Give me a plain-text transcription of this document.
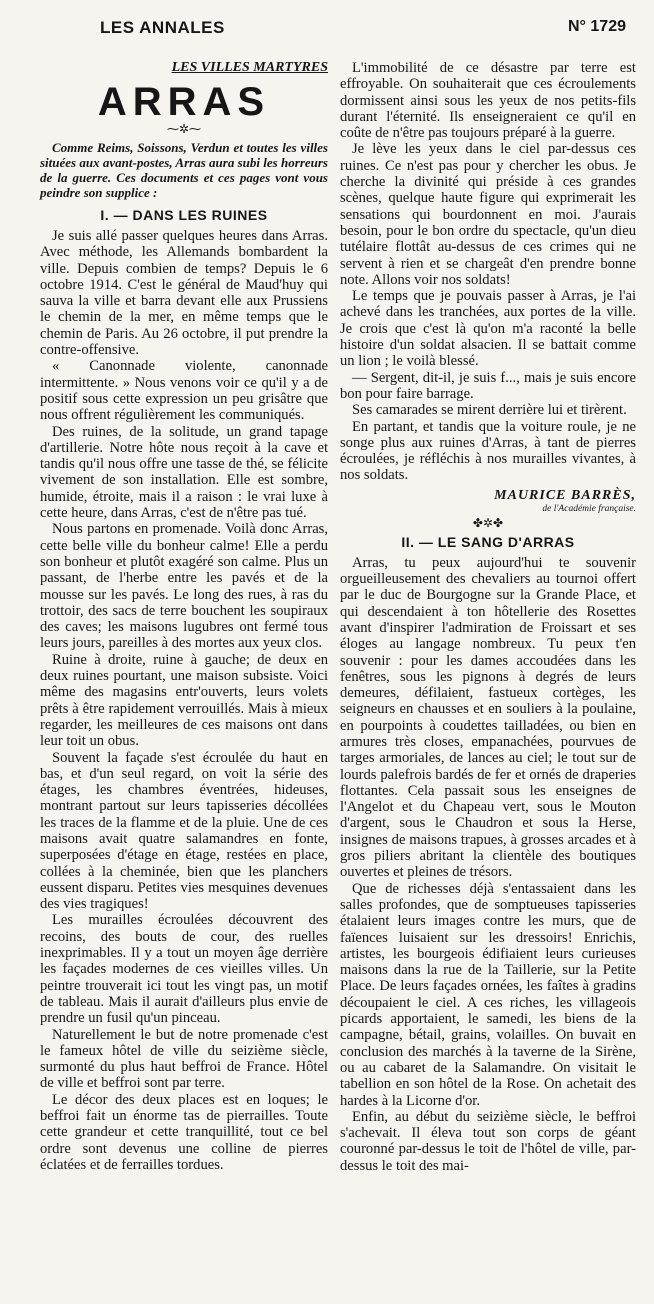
LES ANNALES	N° 1729

LES VILLES MARTYRES

ARRAS

⁓✲⁓

Comme Reims, Soissons, Verdun et toutes les villes situées aux avant-postes, Arras aura subi les horreurs de la guerre. Ces documents et ces pages vont vous peindre son supplice :

I. — DANS LES RUINES

Je suis allé passer quelques heures dans Arras. Avec méthode, les Allemands bombardent la ville. Depuis combien de temps? Depuis le 6 octobre 1914. C'est le général de Maud'huy qui sauva la ville et barra devant elle aux Prussiens le chemin de la mer, en même temps que le chemin de Paris. Au 26 octobre, il put prendre la contre-offensive.

« Canonnade violente, canonnade intermittente. » Nous venons voir ce qu'il y a de positif sous cette expression un peu grisâtre que nous offrent régulièrement les communiqués.

Des ruines, de la solitude, un grand tapage d'artillerie. Notre hôte nous reçoit à la cave et tandis qu'il nous offre une tasse de thé, se félicite vivement de son installation. Elle est sombre, humide, étroite, mais il a raison : le vrai luxe à cette heure, dans Arras, c'est de n'être pas tué.

Nous partons en promenade. Voilà donc Arras, cette belle ville du bonheur calme! Elle a perdu son bonheur et plutôt exagéré son calme. Plus un passant, de l'herbe entre les pavés et de la mousse sur les pavés. Le long des rues, à ras du trottoir, des sacs de terre bouchent les soupiraux des caves; les maisons lugubres ont fermé tous leurs jours, pareilles à des mortes aux yeux clos.

Ruine à droite, ruine à gauche; de deux en deux ruines pourtant, une maison subsiste. Voici même des magasins entr'ouverts, leurs volets prêts à être rapidement verrouillés. Mais à mieux regarder, les meilleures de ces maisons ont dans leur toit un obus.

Souvent la façade s'est écroulée du haut en bas, et d'un seul regard, on voit la série des étages, les chambres éventrées, hideuses, montrant partout sur leurs tapisseries décollées les traces de la flamme et de la pluie. Une de ces maisons avait quatre salamandres en fonte, superposées d'étage en étage, restées en place, collées à la cheminée, bien que les planchers eussent disparu. Petites vies mesquines devenues des vies tragiques!

Les murailles écroulées découvrent des recoins, des bouts de cour, des ruelles inexprimables. Il y a tout un moyen âge derrière les façades modernes de ces vieilles villes. Un peintre trouverait ici tout les vingt pas, un motif de tableau. Mais il aurait d'ailleurs plus envie de prendre un fusil qu'un pinceau.

Naturellement le but de notre promenade c'est le fameux hôtel de ville du seizième siècle, surmonté du plus haut beffroi de France. Hôtel de ville et beffroi sont par terre.

Le décor des deux places est en loques; le beffroi fait un énorme tas de pierrailles. Toute cette grandeur et cette tranquillité, tout ce bel ordre sont devenus une colline de pierres éclatées et de ferrailles tordues.

L'immobilité de ce désastre par terre est effroyable. On souhaiterait que ces écroulements dormissent ainsi sous les yeux de nos petits-fils durant l'éternité. Ils enseigneraient ce qu'il en coûte de n'être pas toujours préparé à la guerre.

Je lève les yeux dans le ciel par-dessus ces ruines. Ce n'est pas pour y chercher les obus. Je cherche la divinité qui préside à ces grandes scènes, quelque haute figure qui exprimerait les sensations qui bourdonnent en moi. J'aurais besoin, pour le bon ordre du spectacle, qu'un dieu tutélaire flottât au-dessus de ces crimes qui ne servent à rien et se chargeât d'en prendre bonne note. Allons voir nos soldats!

Le temps que je pouvais passer à Arras, je l'ai achevé dans les tranchées, aux portes de la ville. Je crois que c'est là qu'on m'a raconté la belle histoire d'un soldat alsacien. Il se battait comme un lion ; le voilà blessé.

— Sergent, dit-il, je suis f..., mais je suis encore bon pour faire barrage.

Ses camarades se mirent derrière lui et tirèrent.

En partant, et tandis que la voiture roule, je ne songe plus aux ruines d'Arras, à tant de pierres écroulées, je réfléchis à nos murailles vivantes, à nos soldats.

MAURICE BARRÈS,

de l'Académie française.

✤✲✤

II. — LE SANG D'ARRAS

Arras, tu peux aujourd'hui te souvenir orgueilleusement des chevaliers au tournoi offert par le duc de Bourgogne sur la Grande Place, et qui descendaient à ton hôtellerie des Rosettes avant d'inspirer l'admiration de Froissart et ses éloges au langage nombreux. Tu peux t'en souvenir : pour les dames accoudées dans les fenêtres, sous les pignons à degrés de leurs demeures, défilaient, fastueux cortèges, les seigneurs en chausses et en souliers à la poulaine, en pourpoints à coudettes tailladées, ou bien en armures très closes, empanachées, pourvues de targes armoriales, de lances au ciel; le tout sur de lourds palefrois bardés de fer et ornés de draperies flottantes. Cela passait sous les enseignes de l'Angelot et du Chapeau vert, sous le Mouton d'argent, sous le Chaudron et sous la Herse, insignes de maisons trapues, à grosses arcades et à gros piliers abritant la clientèle des boutiques ouvertes et pleines de trésors.

Que de richesses déjà s'entassaient dans les salles profondes, que de somptueuses tapisseries étalaient leurs images contre les murs, que de faïences luisaient sur les dressoirs! Enrichis, artistes, les bourgeois édifiaient leurs curieuses maisons dans la rue de la Taillerie, sur la Petite Place. De leurs façades ornées, les faîtes à gradins découpaient le ciel. A ces riches, les villageois picards apportaient, le samedi, les biens de la campagne, bétail, grains, volailles. On buvait en conclusion des marchés à la taverne de la Sirène, ou au cabaret de la Salamandre. On visitait le tabellion en son hôtel de la Rose. On achetait des hardes à la Licorne d'or.

Enfin, au début du seizième siècle, le beffroi s'achevait. Il éleva tout son corps de géant couronné par-dessus le toit de l'hôtel de ville, par-dessus le toit des mai-
